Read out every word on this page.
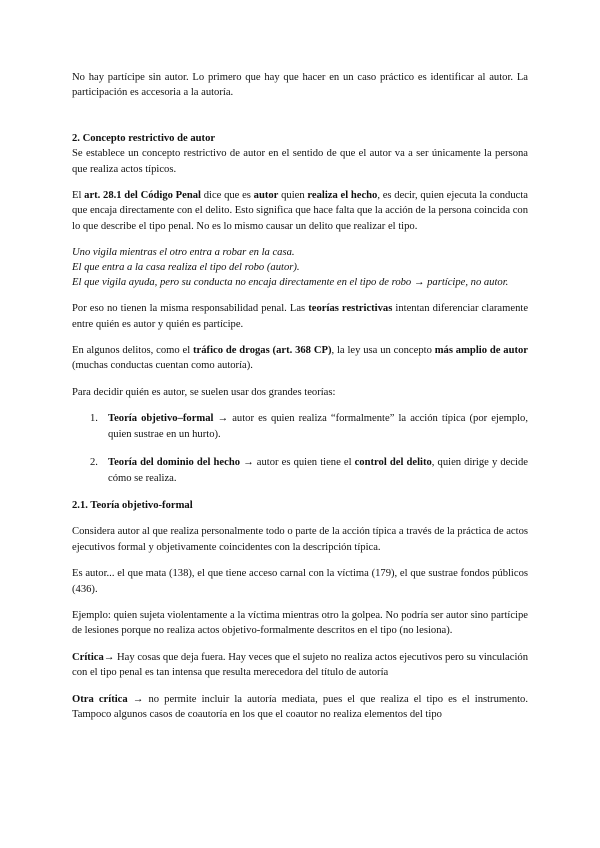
No hay partícipe sin autor. Lo primero que hay que hacer en un caso práctico es identificar al autor. La participación es accesoria a la autoría.

2. Concepto restrictivo de autor

Se establece un concepto restrictivo de autor en el sentido de que el autor va a ser únicamente la persona que realiza actos típicos.

El art. 28.1 del Código Penal dice que es autor quien realiza el hecho, es decir, quien ejecuta la conducta que encaja directamente con el delito. Esto significa que hace falta que la acción de la persona coincida con lo que describe el tipo penal. No es lo mismo causar un delito que realizar el tipo.

Uno vigila mientras el otro entra a robar en la casa.

El que entra a la casa realiza el tipo del robo (autor).

El que vigila ayuda, pero su conducta no encaja directamente en el tipo de robo → partícipe, no autor.

Por eso no tienen la misma responsabilidad penal. Las teorías restrictivas intentan diferenciar claramente entre quién es autor y quién es partícipe.

En algunos delitos, como el tráfico de drogas (art. 368 CP), la ley usa un concepto más amplio de autor (muchas conductas cuentan como autoría).

Para decidir quién es autor, se suelen usar dos grandes teorías:

1. Teoría objetivo–formal → autor es quien realiza “formalmente” la acción típica (por ejemplo, quien sustrae en un hurto).
2. Teoría del dominio del hecho → autor es quien tiene el control del delito, quien dirige y decide cómo se realiza.
2.1. Teoría objetivo-formal

Considera autor al que realiza personalmente todo o parte de la acción típica a través de la práctica de actos ejecutivos formal y objetivamente coincidentes con la descripción típica.

Es autor... el que mata (138), el que tiene acceso carnal con la víctima (179), el que sustrae fondos públicos (436).

Ejemplo: quien sujeta violentamente a la víctima mientras otro la golpea. No podría ser autor sino partícipe de lesiones porque no realiza actos objetivo-formalmente descritos en el tipo (no lesiona).

Crítica→ Hay cosas que deja fuera. Hay veces que el sujeto no realiza actos ejecutivos pero su vinculación con el tipo penal es tan intensa que resulta merecedora del título de autoría

Otra crítica → no permite incluir la autoría mediata, pues el que realiza el tipo es el instrumento. Tampoco algunos casos de coautoría en los que el coautor no realiza elementos del tipo
